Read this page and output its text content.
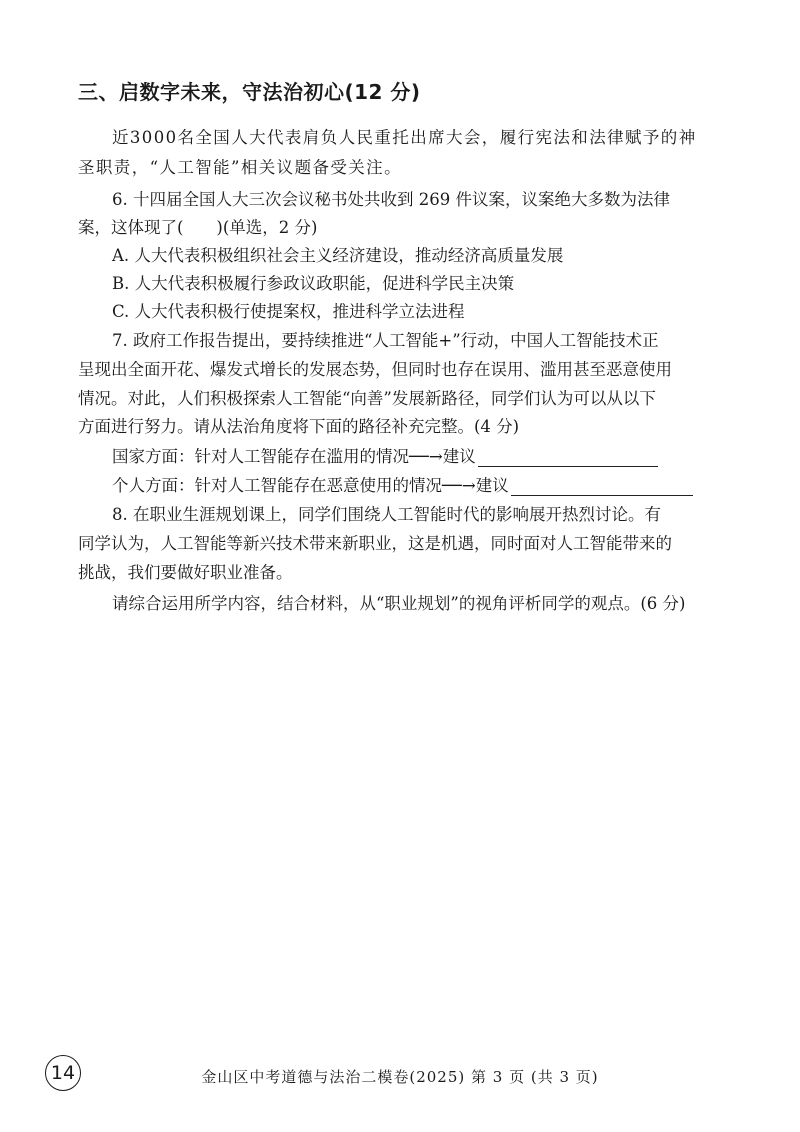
三、启数字未来，守法治初心(12 分)
近3000名全国人大代表肩负人民重托出席大会，履行宪法和法律赋予的神
圣职责，“人工智能”相关议题备受关注。
6. 十四届全国人大三次会议秘书处共收到 269 件议案，议案绝大多数为法律
案，这体现了(　　)(单选，2 分)
A. 人大代表积极组织社会主义经济建设，推动经济高质量发展
B. 人大代表积极履行参政议政职能，促进科学民主决策
C. 人大代表积极行使提案权，推进科学立法进程
7. 政府工作报告提出，要持续推进“人工智能+”行动，中国人工智能技术正
呈现出全面开花、爆发式增长的发展态势，但同时也存在误用、滥用甚至恶意使用
情况。对此，人们积极探索人工智能“向善”发展新路径，同学们认为可以从以下
方面进行努力。请从法治角度将下面的路径补充完整。(4 分)
国家方面：针对人工智能存在滥用的情况──→建议
个人方面：针对人工智能存在恶意使用的情况──→建议
8. 在职业生涯规划课上，同学们围绕人工智能时代的影响展开热烈讨论。有
同学认为，人工智能等新兴技术带来新职业，这是机遇，同时面对人工智能带来的
挑战，我们要做好职业准备。
请综合运用所学内容，结合材料，从“职业规划”的视角评析同学的观点。(6 分)
14	金山区中考道德与法治二模卷(2025) 第 3 页 (共 3 页)
